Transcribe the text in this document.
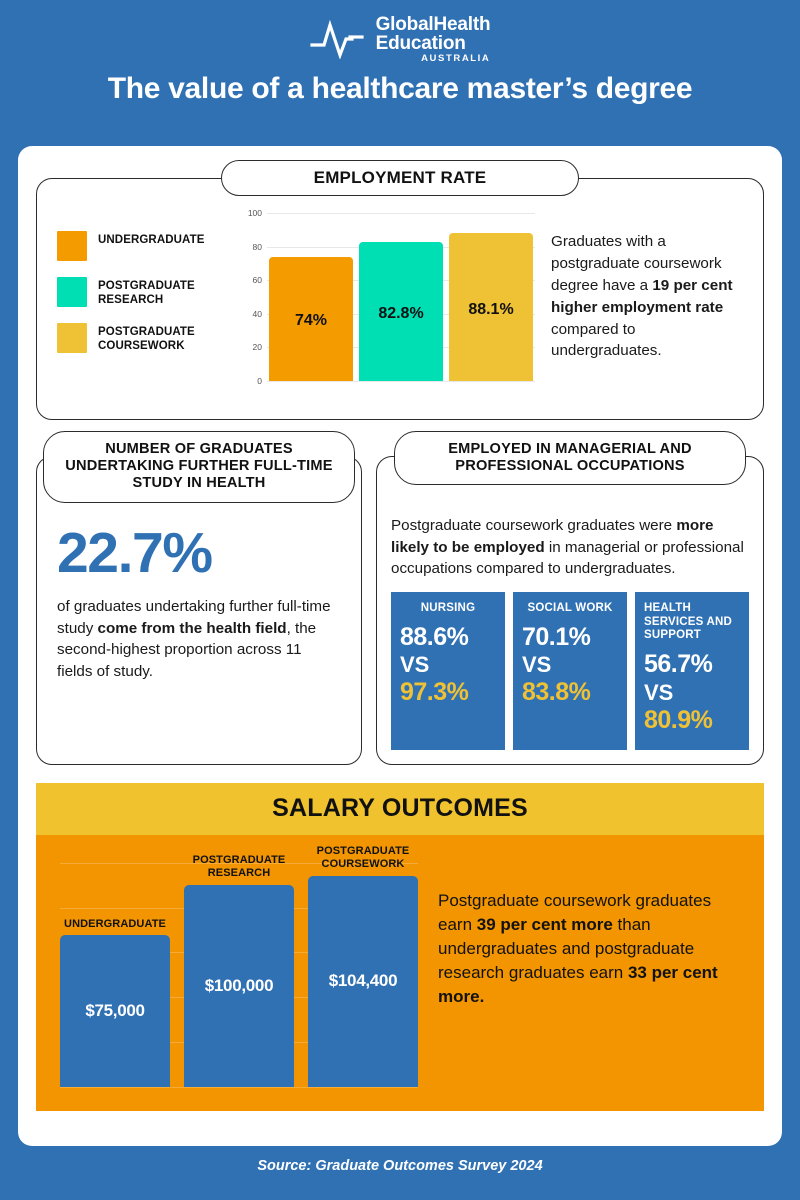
GlobalHealth
Education
AUSTRALIA
The value of a healthcare master’s degree
EMPLOYMENT RATE
UNDERGRADUATE
POSTGRADUATE RESEARCH
POSTGRADUATE COURSEWORK
100
80
60
40
20
0
74%	82.8%	88.1%
Graduates with a postgraduate coursework degree have a 19 per cent higher employment rate compared to undergraduates.
NUMBER OF GRADUATES UNDERTAKING FURTHER FULL-TIME STUDY IN HEALTH
22.7%
of graduates undertaking further full-time study come from the health field, the second-highest proportion across 11 fields of study.
EMPLOYED IN MANAGERIAL AND PROFESSIONAL OCCUPATIONS
Postgraduate coursework graduates were more likely to be employed in managerial or professional occupations compared to undergraduates.
NURSING
88.6%
VS
97.3%
SOCIAL WORK
70.1%
VS
83.8%
HEALTH SERVICES AND SUPPORT
56.7%
VS
80.9%
SALARY OUTCOMES
UNDERGRADUATE
$75,000
POSTGRADUATE RESEARCH
$100,000
POSTGRADUATE COURSEWORK
$104,400
Postgraduate coursework graduates earn 39 per cent more than undergraduates and postgraduate research graduates earn 33 per cent more.
Source: Graduate Outcomes Survey 2024
